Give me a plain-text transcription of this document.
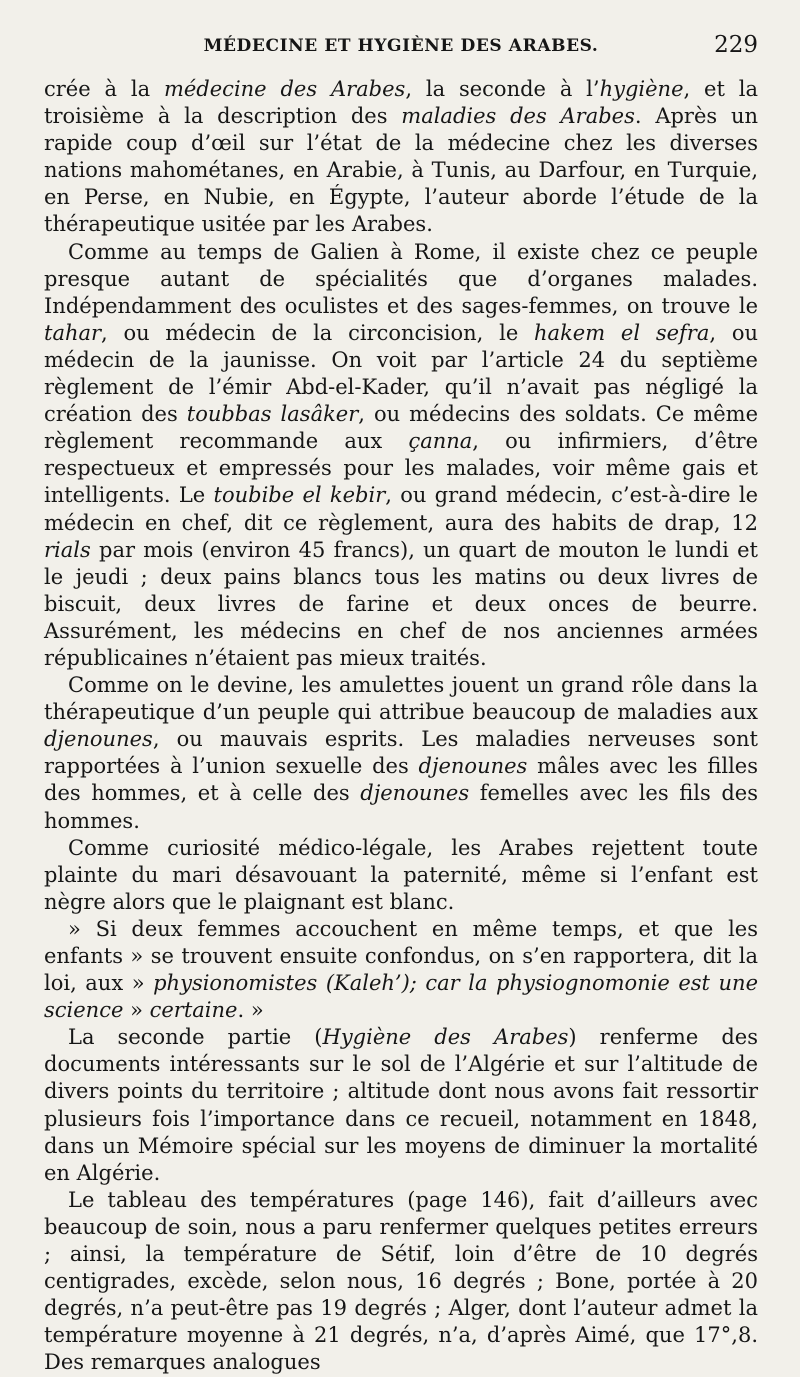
MÉDECINE ET HYGIÈNE DES ARABES.	229

crée à la médecine des Arabes, la seconde à l’hygiène, et la troisième à la description des maladies des Arabes. Après un rapide coup d’œil sur l’état de la médecine chez les diverses nations mahométanes, en Arabie, à Tunis, au Darfour, en Turquie, en Perse, en Nubie, en Égypte, l’auteur aborde l’étude de la thérapeutique usitée par les Arabes.

Comme au temps de Galien à Rome, il existe chez ce peuple presque autant de spécialités que d’organes malades. Indépendamment des oculistes et des sages-femmes, on trouve le tahar, ou médecin de la circoncision, le hakem el sefra, ou médecin de la jaunisse. On voit par l’article 24 du septième règlement de l’émir Abd-el-Kader, qu’il n’avait pas négligé la création des toubbas lasâker, ou médecins des soldats. Ce même règlement recommande aux çanna, ou infirmiers, d’être respectueux et empressés pour les malades, voir même gais et intelligents. Le toubibe el kebir, ou grand médecin, c’est-à-dire le médecin en chef, dit ce règlement, aura des habits de drap, 12 rials par mois (environ 45 francs), un quart de mouton le lundi et le jeudi ; deux pains blancs tous les matins ou deux livres de biscuit, deux livres de farine et deux onces de beurre. Assurément, les médecins en chef de nos anciennes armées républicaines n’étaient pas mieux traités.

Comme on le devine, les amulettes jouent un grand rôle dans la thérapeutique d’un peuple qui attribue beaucoup de maladies aux djenounes, ou mauvais esprits. Les maladies nerveuses sont rapportées à l’union sexuelle des djenounes mâles avec les filles des hommes, et à celle des djenounes femelles avec les fils des hommes.

Comme curiosité médico-légale, les Arabes rejettent toute plainte du mari désavouant la paternité, même si l’enfant est nègre alors que le plaignant est blanc.

» Si deux femmes accouchent en même temps, et que les enfants » se trouvent ensuite confondus, on s’en rapportera, dit la loi, aux » physionomistes (Kaleh’); car la physiognomonie est une science » certaine. »

La seconde partie (Hygiène des Arabes) renferme des documents intéressants sur le sol de l’Algérie et sur l’altitude de divers points du territoire ; altitude dont nous avons fait ressortir plusieurs fois l’importance dans ce recueil, notamment en 1848, dans un Mémoire spécial sur les moyens de diminuer la mortalité en Algérie.

Le tableau des températures (page 146), fait d’ailleurs avec beaucoup de soin, nous a paru renfermer quelques petites erreurs ; ainsi, la température de Sétif, loin d’être de 10 degrés centigrades, excède, selon nous, 16 degrés ; Bone, portée à 20 degrés, n’a peut-être pas 19 degrés ; Alger, dont l’auteur admet la température moyenne à 21 degrés, n’a, d’après Aimé, que 17°,8. Des remarques analogues
